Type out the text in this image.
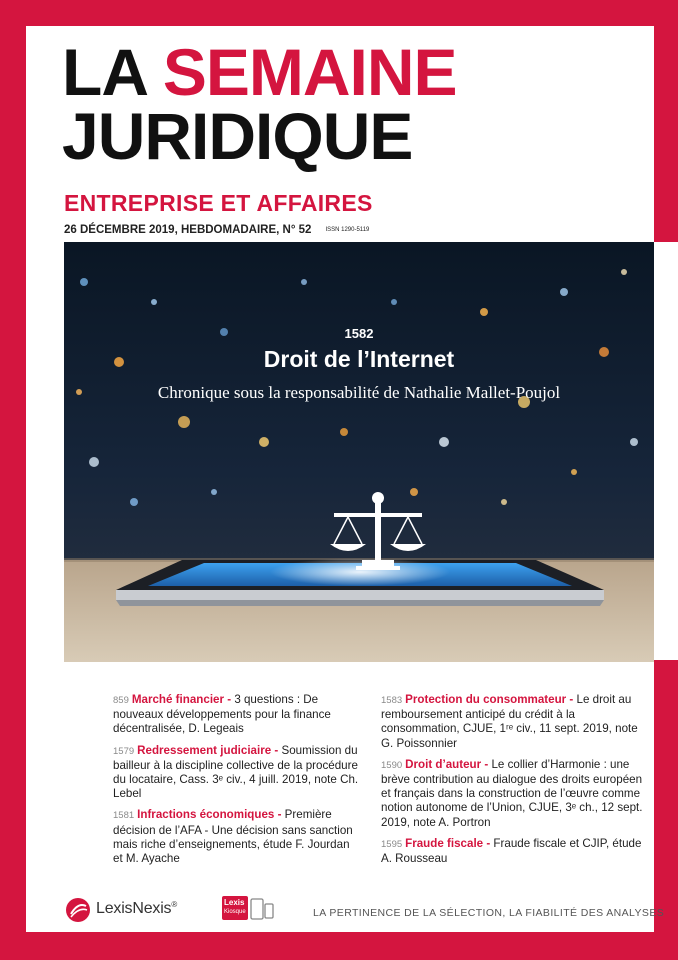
LA SEMAINE
JURIDIQUE
ENTREPRISE ET AFFAIRES
26 DÉCEMBRE 2019, HEBDOMADAIRE, N° 52 ISSN 1290-5119
1582
Droit de l’Internet
Chronique sous la responsabilité de Nathalie Mallet-Poujol
859 Marché financier - 3 questions : De nouveaux développements pour la finance décentralisée, D. Legeais
1579 Redressement judiciaire - Soumission du bailleur à la discipline collective de la procédure du locataire, Cass. 3ᵉ civ., 4 juill. 2019, note Ch. Lebel
1581 Infractions économiques - Première décision de l’AFA - Une décision sans sanction mais riche d’enseignements, étude F. Jourdan et M. Ayache
1583 Protection du consommateur - Le droit au remboursement anticipé du crédit à la consommation, CJUE, 1ʳᵉ civ., 11 sept. 2019, note G. Poissonnier
1590 Droit d’auteur - Le collier d’Harmonie : une brève contribution au dialogue des droits européen et français dans la construction de l’œuvre comme notion autonome de l’Union, CJUE, 3ᵉ ch., 12 sept. 2019, note A. Portron
1595 Fraude fiscale - Fraude fiscale et CJIP, étude A. Rousseau
LexisNexis®	Lexis
Kiosque	LA PERTINENCE DE LA SÉLECTION, LA FIABILITÉ DES ANALYSES
